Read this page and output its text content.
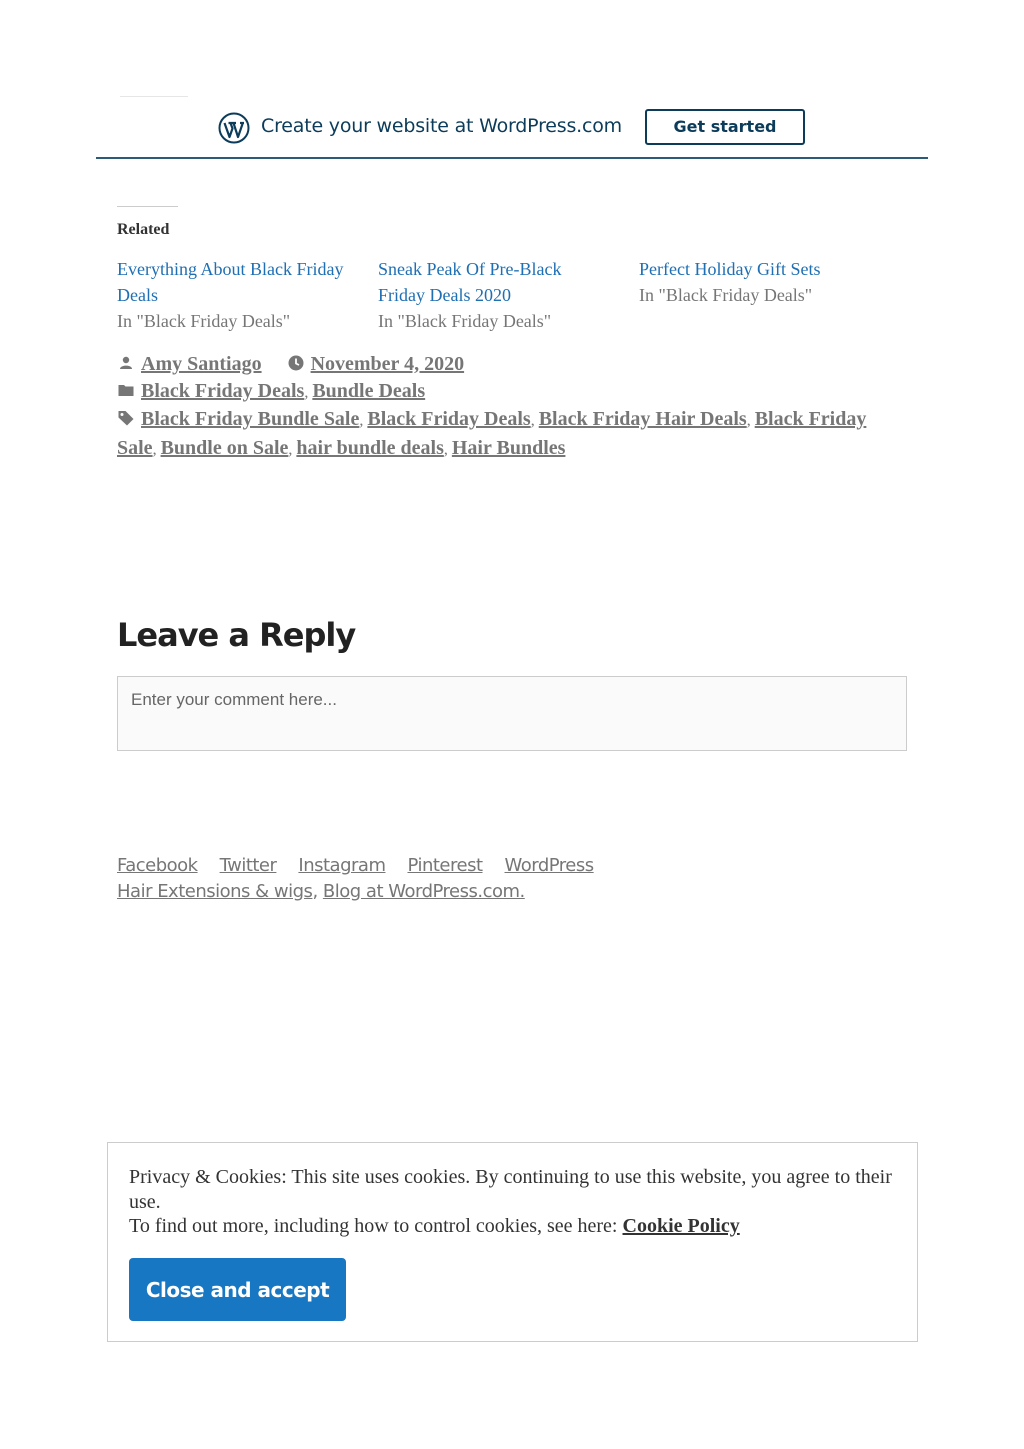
Create your website at WordPress.com	Get started
Related
Everything About Black Friday Deals
In "Black Friday Deals"
Sneak Peak Of Pre-Black Friday Deals 2020
In "Black Friday Deals"
Perfect Holiday Gift Sets
In "Black Friday Deals"
Amy Santiago November 4, 2020
Black Friday Deals, Bundle Deals
Black Friday Bundle Sale, Black Friday Deals, Black Friday Hair Deals, Black Friday Sale, Bundle on Sale, hair bundle deals, Hair Bundles
Leave a Reply
Enter your comment here...
Facebook Twitter Instagram Pinterest WordPress
Hair Extensions & wigs, Blog at WordPress.com.
Privacy & Cookies: This site uses cookies. By continuing to use this website, you agree to their use.
To find out more, including how to control cookies, see here: Cookie Policy
Close and accept
